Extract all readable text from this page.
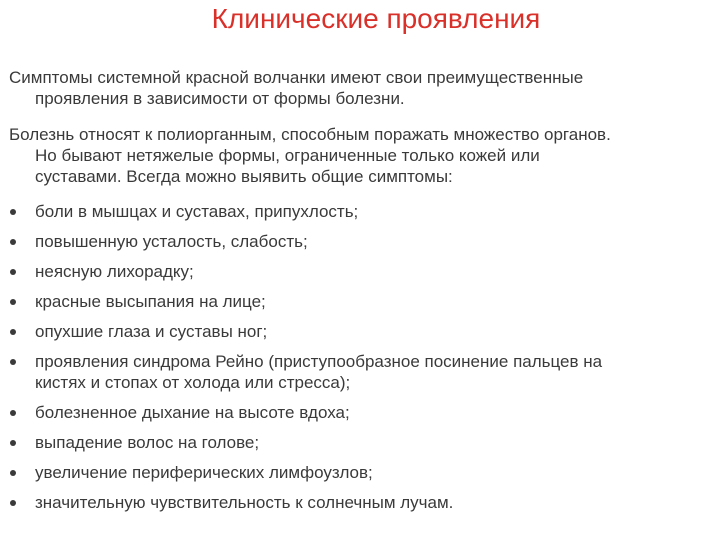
Клинические проявления
Симптомы системной красной волчанки имеют свои преимущественные
проявления в зависимости от формы болезни.
Болезнь относят к полиорганным, способным поражать множество органов.
Но бывают нетяжелые формы, ограниченные только кожей или
суставами. Всегда можно выявить общие симптомы:
боли в мышцах и суставах, припухлость;
повышенную усталость, слабость;
неясную лихорадку;
красные высыпания на лице;
опухшие глаза и суставы ног;
проявления синдрома Рейно (приступообразное посинение пальцев на
кистях и стопах от холода или стресса);
болезненное дыхание на высоте вдоха;
выпадение волос на голове;
увеличение периферических лимфоузлов;
значительную чувствительность к солнечным лучам.
